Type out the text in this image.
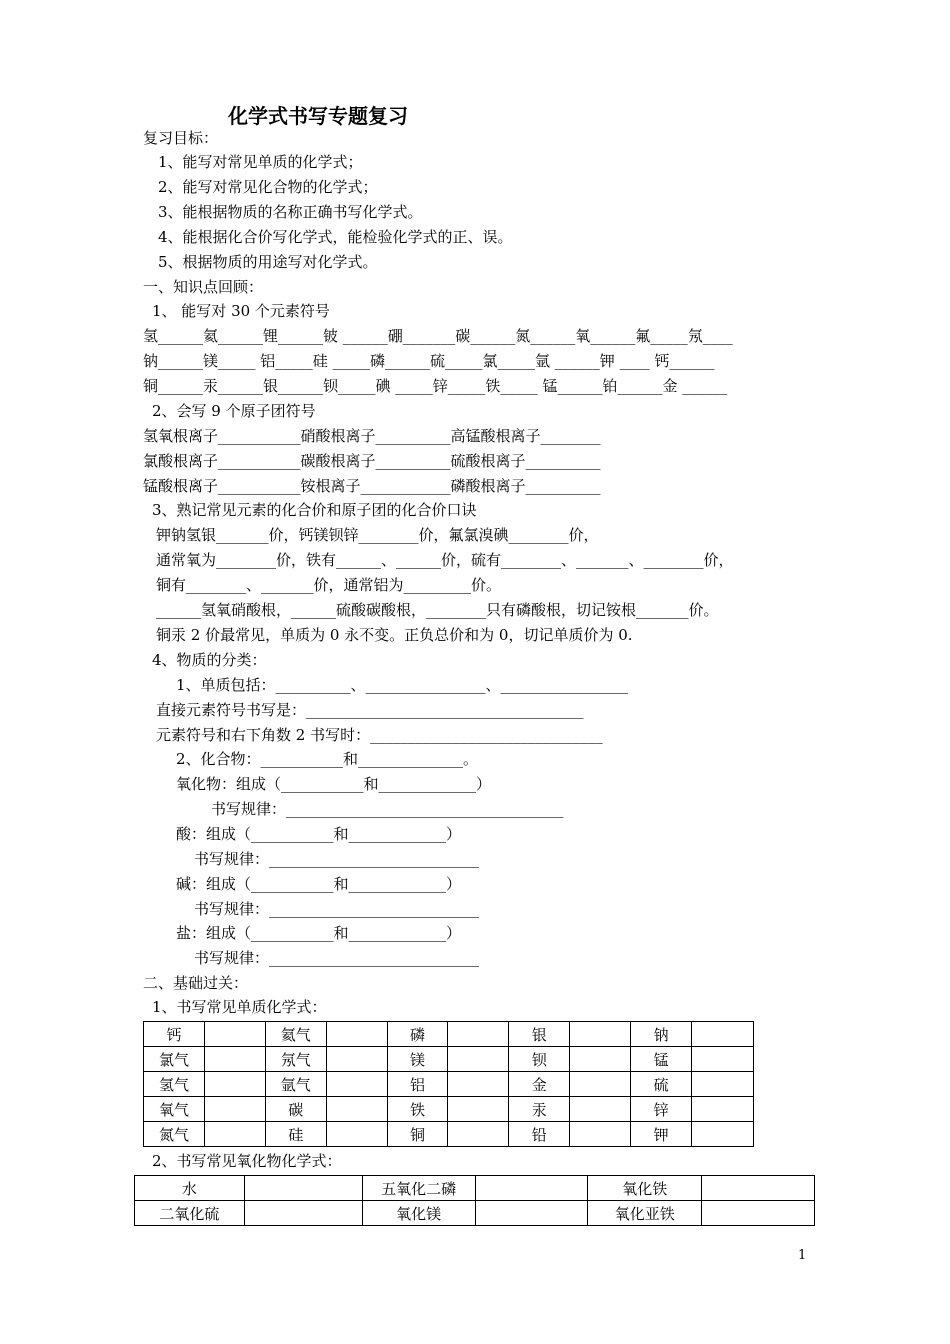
化学式书写专题复习
复习目标：
1、能写对常见单质的化学式；
2、能写对常见化合物的化学式；
3、能根据物质的名称正确书写化学式。
4、能根据化合价写化学式，能检验化学式的正、误。
5、根据物质的用途写对化学式。
一、知识点回顾：
1、 能写对 30 个元素符号
氢______氦______锂______铍 ______硼_______碳______氮______氧______氟_____氖____
钠______镁_____ 铝_____硅 _____磷______硫_____氯_____氩 ______钾 ____ 钙______
铜______汞______银______钡_____碘 _____锌_____铁_____ 锰______铂______金 ______
2、会写 9 个原子团符号
氢氧根离子___________硝酸根离子__________高锰酸根离子________
氯酸根离子___________碳酸根离子__________硫酸根离子__________
锰酸根离子___________铵根离子____________磷酸根离子__________
3、熟记常见元素的化合价和原子团的化合价口诀
钾钠氢银_______价，钙镁钡锌________价，氟氯溴碘________价，
通常氧为________价，铁有______、______价，硫有________、_______、________价，
铜有________、_______价，通常铝为_________价。
______氢氧硝酸根，______硫酸碳酸根，________只有磷酸根，切记铵根_______价。
铜汞 2 价最常见，单质为 0 永不变。正负总价和为 0，切记单质价为 0.
4、物质的分类：
1、单质包括：__________、________________、_________________
直接元素符号书写是：_____________________________________
元素符号和右下角数 2 书写时：_______________________________
2、化合物：___________和______________。
氧化物：组成（___________和_____________）
书写规律：_____________________________________
酸：组成（___________和_____________）
书写规律：____________________________
碱：组成（___________和_____________）
书写规律：____________________________
盐：组成（___________和_____________）
书写规律：____________________________
二、基础过关：
1、书写常见单质化学式：
钙		氦气		磷		银		钠	
氯气		氖气		镁		钡		锰	
氢气		氩气		铝		金		硫	
氧气		碳		铁		汞		锌	
氮气		硅		铜		铅		钾	
2、书写常见氧化物化学式：
水		五氧化二磷		氧化铁	
二氧化硫		氧化镁		氧化亚铁	
1
